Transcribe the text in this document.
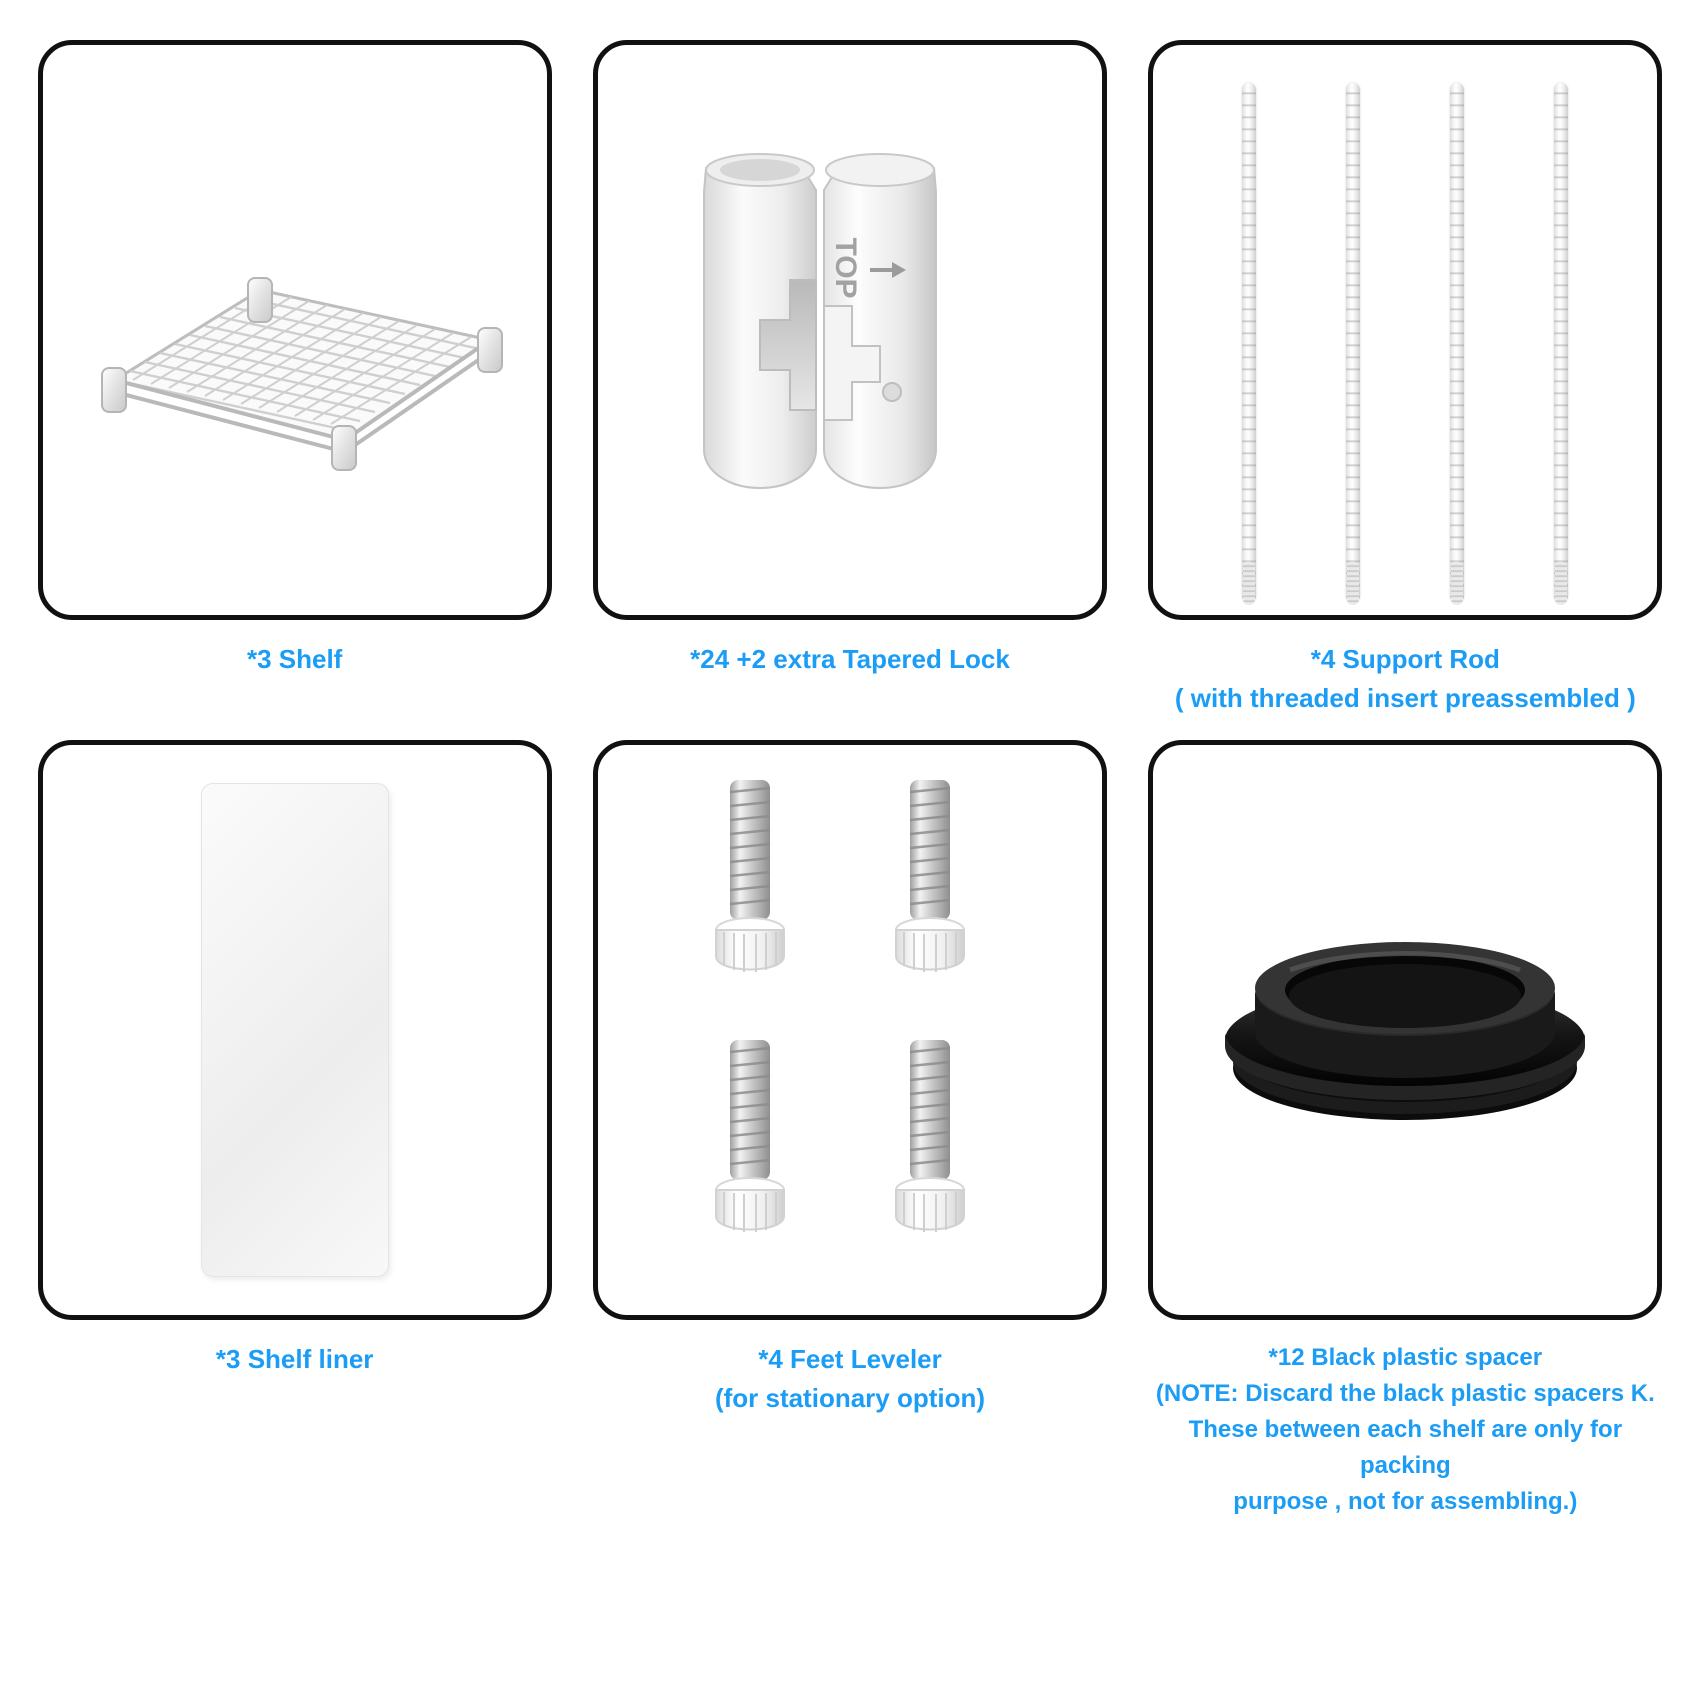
*3 Shelf
TOP
*24 +2 extra Tapered Lock	*4 Support Rod
( with threaded insert preassembled )
*3 Shelf liner	*4 Feet Leveler
(for stationary option)
*12 Black plastic spacer
(NOTE: Discard the black plastic spacers K.
These between each shelf are only for packing
purpose , not for assembling.)
